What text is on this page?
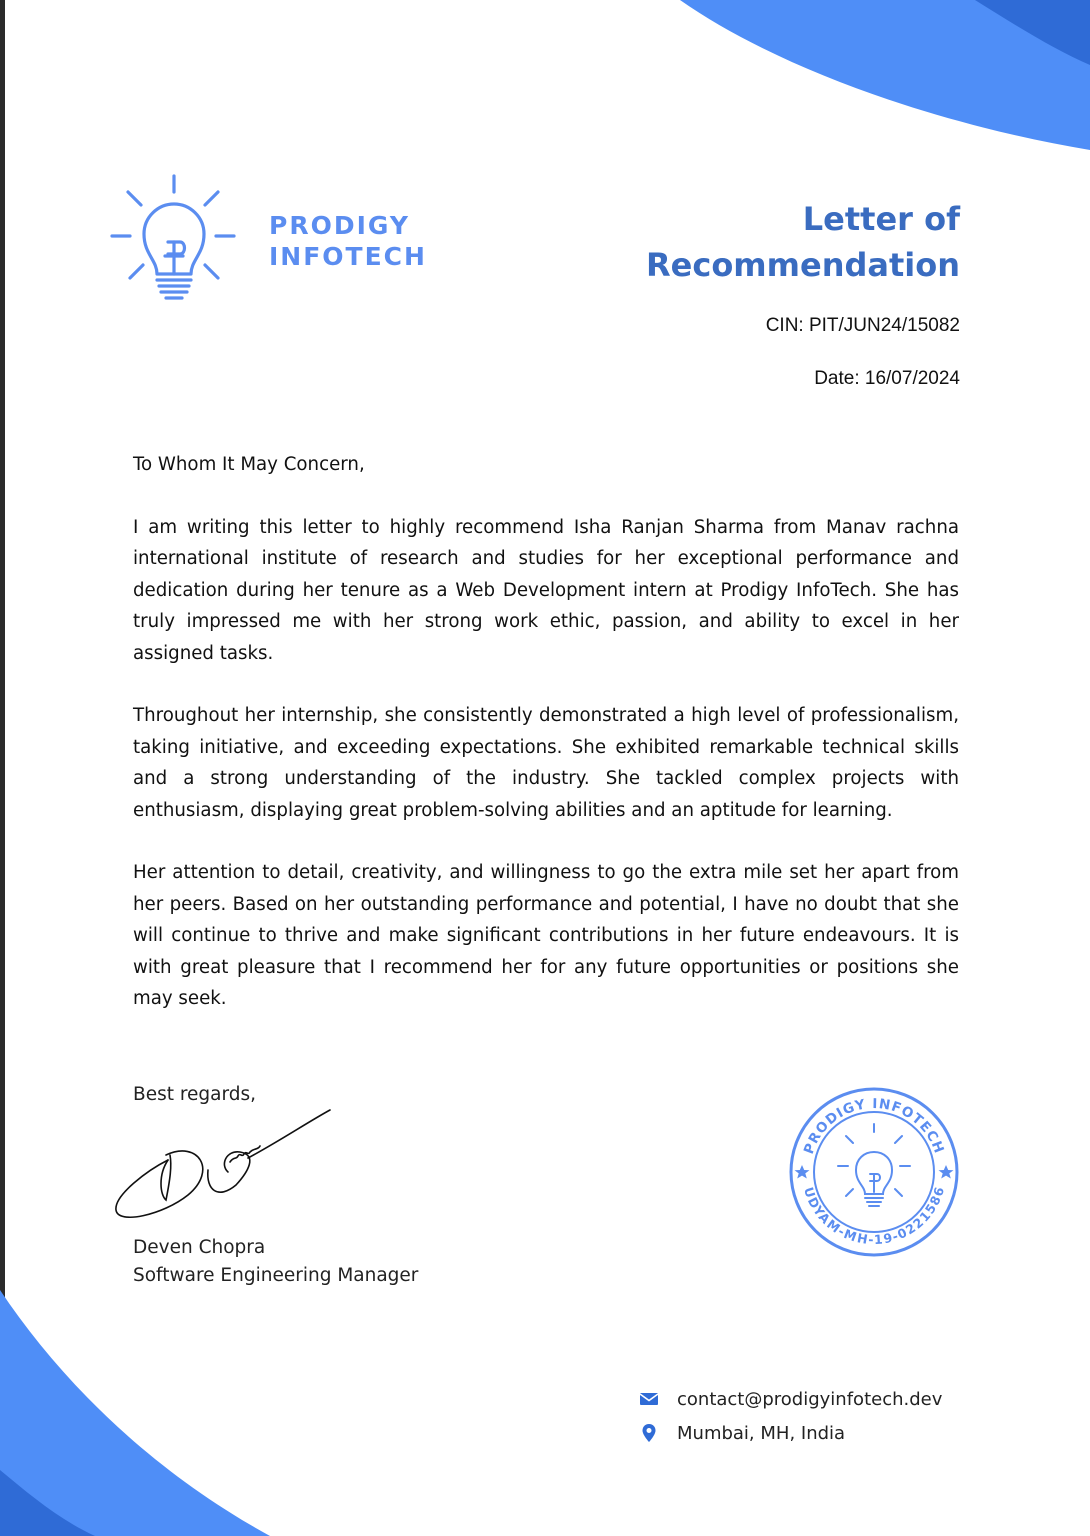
PRODIGY
INFOTECH
Letter of
Recommendation
CIN: PIT/JUN24/15082
Date: 16/07/2024

To Whom It May Concern,

I am writing this letter to highly recommend Isha Ranjan Sharma from Manav rachna international institute of research and studies for her exceptional performance and dedication during her tenure as a Web Development intern at Prodigy InfoTech. She has truly impressed me with her strong work ethic, passion, and ability to excel in her assigned tasks.

Throughout her internship, she consistently demonstrated a high level of professionalism, taking initiative, and exceeding expectations. She exhibited remarkable technical skills and a strong understanding of the industry. She tackled complex projects with enthusiasm, displaying great problem-solving abilities and an aptitude for learning.

Her attention to detail, creativity, and willingness to go the extra mile set her apart from her peers. Based on her outstanding performance and potential, I have no doubt that she will continue to thrive and make significant contributions in her future endeavours. It is with great pleasure that I recommend her for any future opportunities or positions she may seek.

Best regards,
Deven Chopra
Software Engineering Manager
PRODIGY INFOTECH
UDYAM-MH-19-0221586
contact@prodigyinfotech.dev
Mumbai, MH, India
